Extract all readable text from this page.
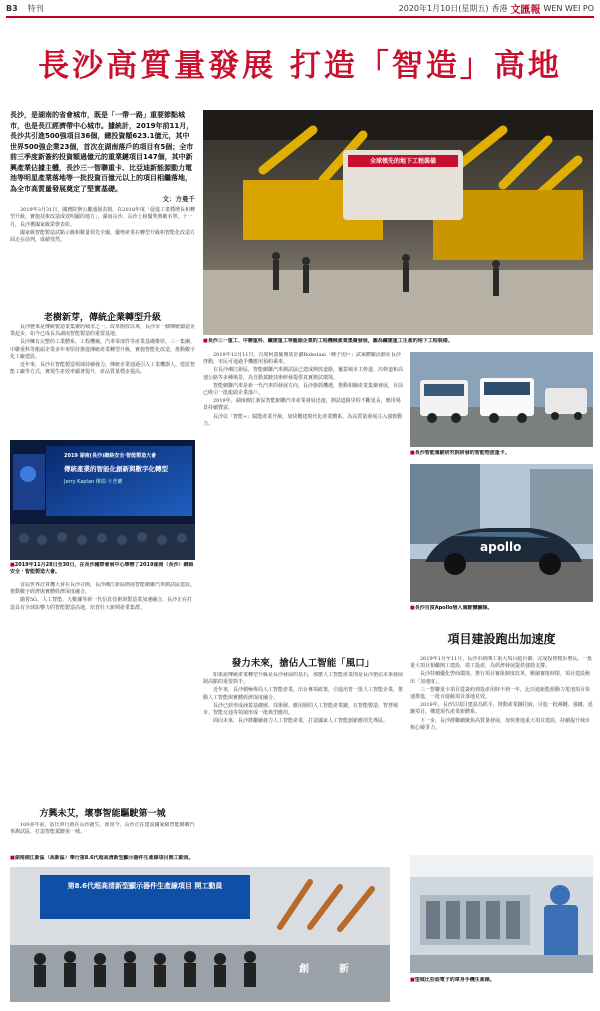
B3 特刊	2020年1月10日(星期五) 香港 文匯報 WEN WEI PO
長沙高質量發展 打造「智造」高地
長沙，是湖南的省會城市，既是「一帶一路」重要節點城市，也是長江經濟帶中心城市。據統計，2019年前11月，長沙共引進500強項目36個，總投資額623.1億元，其中世界500強企業23個，首次在湖南落戶的項目有5個；全市前三季度新簽約投資額過億元的重業鏈項目147個，其中新興產業佔據主體，長沙三一智聯重卡、比亞迪新能源動力電池等明星產業落地等一批投資百億元以上的項目相繼落地，為全市高質量發展奠定了堅實基礎。
文：方曼千

2019年3月31日，國務院辦公廳通報表揚，在2018年度「促進工業穩增長和轉型升級、實施技術改造成效明顯的地方」，湖南長沙、長沙上榜優秀典範名單。十一月，長沙獲國家級榮譽表彰。

國家級智能製造試點示範和數量領先全國，優勢產業在轉型升級和智能化改造方面走在前列，成績斐然。

老樹新芽，傳統企業轉型升級

長沙歷來是傳統製造業集聚的城市之一。改革開放以來，長沙市一個傳統鑄造企業起步，如今已成長為湖南智能製造的重要基地。

長沙擁有完整的工業體系，工程機械、汽車零部件等產業基礎雄厚。三一集團、中聯重科等龍頭企業多年來堅持推進傳統產業轉型升級，實施智能化改造，推動數字化工廠建設。

近年來，長沙在智能製造領域持續發力，傳統企業通過引入工業機器人、建設智能工廠等方式，實現生產效率顯著提升，產品質量穩步提高。

2019 湖南(長沙)網絡安全·智能製造大會
傳統產業的智能化創新與數字化轉型
Jerry Kaplan 傑瑞·卡普蘭
■2019年11月28日至30日，在長沙國際會展中心舉辦了2019湖南（長沙）網絡安全・智能製造大會。

首屆世界計算機大會在長沙召開，長沙湘江新區開展智能網聯汽車測試區建設，推動數字經濟與實體經濟深度融合。

隨着5G、人工智能、大數據等新一代信息技術與製造業加速融合，長沙正在打造具有全球影響力的智能製造高地，培育壯大新興產業集群。

方興未艾，壞事智能驅駛第一城

100多年前，雷氏車行就在長沙誕生。而如今，長沙正在建設國家級智能網聯汽車測試區，打造智能駕駛第一城。

全球領先的地下工程裝備
■長沙三一重工、中聯重科、鐵建重工等龍頭企業的工程機械產業集聚發展，圖為鐵建重工生產的地下工程裝備。

2019年12月11日，百度阿波羅開放計劃Robotaxi「種子用戶」試乘體驗活動在長沙啓動，市民可通過手機應用預約乘車。

在長沙湘江新區，智能網聯汽車測試區已建成開放道路，覆蓋城市主幹道、次幹道和高速公路等多種場景，為自動駕駛技術研發提供真實測試環境。

智能網聯汽車是新一代汽車的發展方向，長沙搶抓機遇，推動相關產業集聚發展，目前已吸引一批龍頭企業落戶。

2019年，湖南湘江新區智能網聯汽車產業發展迅速，測試道路里程不斷延長，應用場景持續豐富。

長沙以「智能+」賦能產業升級，加快構建現代化產業體系，為高質量發展注入強勁動力。

發力未來，搶佔人工智能「風口」

如果說傳統產業轉型升級是長沙發展的基石，那麼人工智能產業則是長沙搶佔未來發展制高點的重要抓手。

近年來，長沙積極佈局人工智能產業，出台專項政策，引進培育一批人工智能企業，推動人工智能與實體經濟深度融合。

長沙已經形成涵蓋基礎層、技術層、應用層的人工智能產業鏈，在智能製造、智慧城市、智能交通等領域形成一批典型應用。

面向未來，長沙將繼續發力人工智能產業，打造國家人工智能創新應用先導區。

■長沙智能駕駛研究院研發的智能物流重卡。
apollo
■長沙百度Apollo無人駕駛體驗線。
項目建設跑出加速度

2019年1月至11月，長沙市新開工重大項目超百個，完成投資穩步增長。一批重大項目相繼開工建設、竣工投產，為經濟發展提供強勁支撐。

長沙持續優化營商環境，推行項目審批制度改革，壓縮審批時限，項目建設跑出「加速度」。

三一智聯重卡項目從簽約到投產用時不到一年，比亞迪新能源動力電池項目快速推進，一批百億級項目落地見效。

2019年，長沙以項目建設為抓手，推動產業鏈招商，引進一批補鏈、強鏈、延鏈項目，構建現代產業新體系。

下一步，長沙將繼續聚焦高質量發展，加快推進重大項目建設，持續提升城市核心競爭力。

■湖南湘江新區（高新區）舉行第8.6代超高清新型顯示器件生產線項目開工動員。
第8.6代超高清新型顯示器件生產線項目 開工動員
創	新
■望城比亞迪電子的車身手機生產線。
